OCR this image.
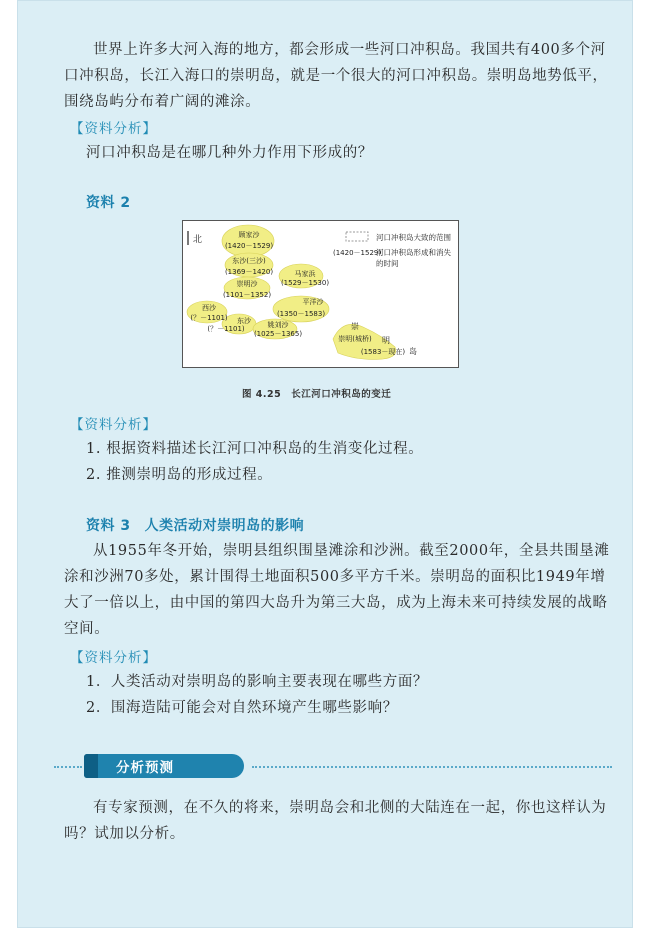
世界上许多大河入海的地方，都会形成一些河口冲积岛。我国共有400多个河口冲积岛，长江入海口的崇明岛，就是一个很大的河口冲积岛。崇明岛地势低平，围绕岛屿分布着广阔的滩涂。

【资料分析】
河口冲积岛是在哪几种外力作用下形成的？
资料 2
北	河口冲积岛大致的范围
(1420－1529)
河口冲积岛形成和消失
的时间
顾家沙
(1420－1529)
东沙(三沙)
(1369－1420)	马家浜
(1529－1530)
崇明沙
(1101－1352)
平洋沙
(1350－1583)
西沙
(？－1101) 东沙
(？－1101)	姚刘沙
(1025－1365)
崇
崇明(城桥) 明
(1583－现在) 岛
图 4.25 长江河口冲积岛的变迁
【资料分析】
1. 根据资料描述长江河口冲积岛的生消变化过程。
2. 推测崇明岛的形成过程。
资料 3 人类活动对崇明岛的影响

从1955年冬开始，崇明县组织围垦滩涂和沙洲。截至2000年，全县共围垦滩涂和沙洲70多处，累计围得土地面积500多平方千米。崇明岛的面积比1949年增大了一倍以上，由中国的第四大岛升为第三大岛，成为上海未来可持续发展的战略空间。

【资料分析】
1．人类活动对崇明岛的影响主要表现在哪些方面？
2．围海造陆可能会对自然环境产生哪些影响？
分析预测

有专家预测，在不久的将来，崇明岛会和北侧的大陆连在一起，你也这样认为吗？试加以分析。
